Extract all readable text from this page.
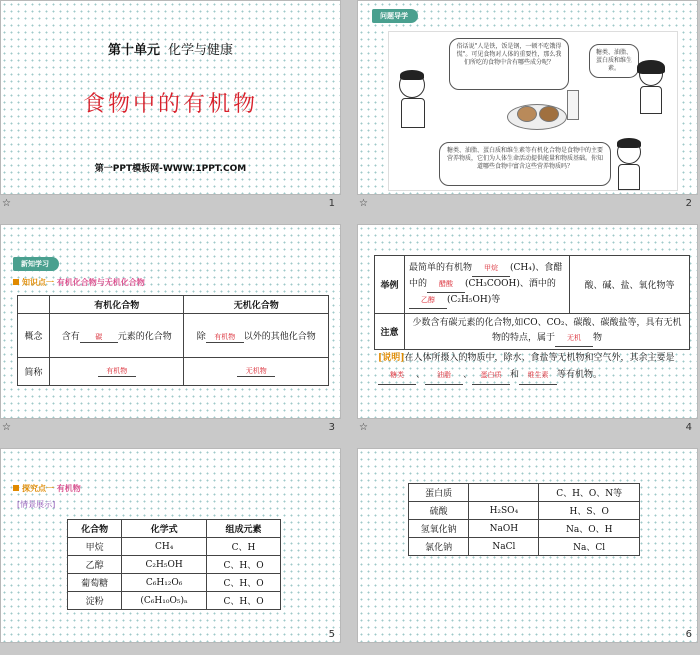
第十单元 化学与健康
食物中的有机物
第一PPT模板网-WWW.1PPT.COM
☆	1
问题导学
俗话说"人是铁，饭是钢，一顿不吃饿得慌"。可见食物对人体的重要性，那么我们所吃的食物中含有哪些成分呢？
糖类、油脂、蛋白质和维生素。
糖类、油脂、蛋白质和维生素等有机化合物是食物中的主要营养物质，它们为人体生命活动提供能量和物质基础。你知道哪些食物中富含这些营养物质吗？
☆	2
新知学习
知识点一 有机化合物与无机化合物
	有机化合物	无机化合物
概念	含有 碳 元素的化合物	除 有机物 以外的其他化合物
简称	有机物	无机物
☆	3
举例	最简单的有机物 甲烷 (CH₄)、食醋中的 醋酸 (CH₃COOH)、酒中的乙醇 (C₂H₅OH)等	酸、碱、盐、氧化物等
注意	少数含有碳元素的化合物,如CO、CO₂、碳酸、碳酸盐等，具有无机物的特点，属于 无机 物	
[说明]在人体所摄入的物质中，除水、食盐等无机物和空气外，其余主要是糖类 、 油脂 、 蛋白质 和 维生素 等有机物。
☆	4
探究点一 有机物
[情景展示]
化合物	化学式	组成元素
甲烷	CH₄	C、H
乙醇	C₂H₅OH	C、H、O
葡萄糖	C₆H₁₂O₆	C、H、O
淀粉	(C₆H₁₀O₅)ₙ	C、H、O
5
蛋白质		C、H、O、N等
硫酸	H₂SO₄	H、S、O
氢氧化钠	NaOH	Na、O、H
氯化钠	NaCl	Na、Cl
6
